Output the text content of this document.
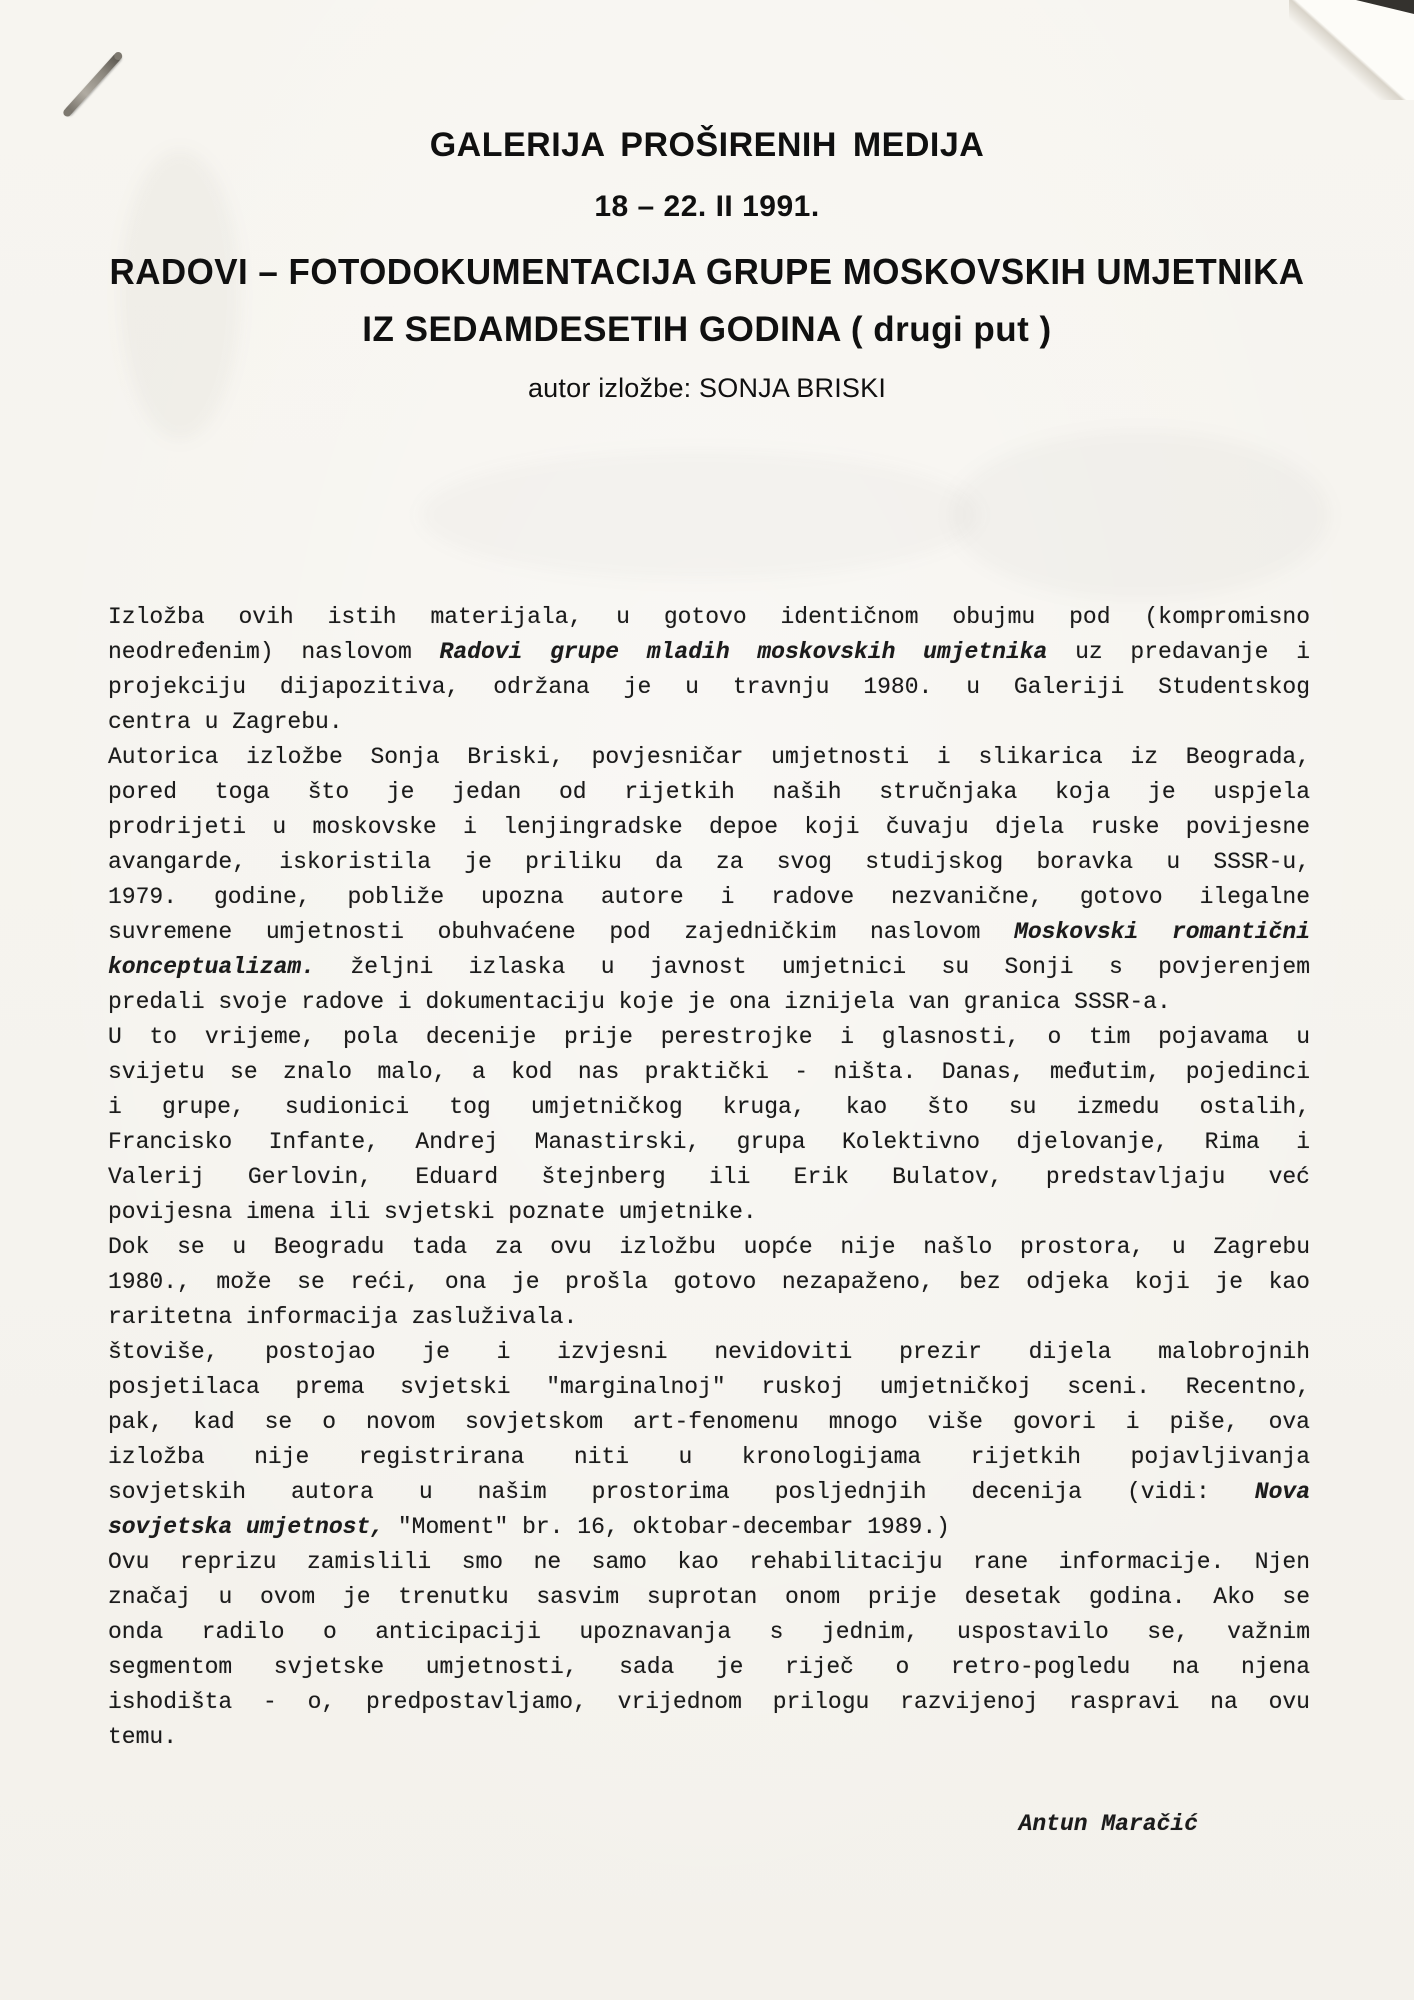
GALERIJA PROŠIRENIH MEDIJA
18 – 22. II 1991.
RADOVI – FOTODOKUMENTACIJA GRUPE MOSKOVSKIH UMJETNIKA
IZ SEDAMDESETIH GODINA ( drugi put )
autor izložbe: SONJA BRISKI
Izložba ovih istih materijala, u gotovo identičnom obujmu pod (kompromisno
neodređenim) naslovom Radovi grupe mladih moskovskih umjetnika uz predavanje i
projekciju dijapozitiva, održana je u travnju 1980. u Galeriji Studentskog
centra u Zagrebu.
Autorica izložbe Sonja Briski, povjesničar umjetnosti i slikarica iz Beograda,
pored toga što je jedan od rijetkih naših stručnjaka koja je uspjela
prodrijeti u moskovske i lenjingradske depoe koji čuvaju djela ruske povijesne
avangarde, iskoristila je priliku da za svog studijskog boravka u SSSR-u,
1979. godine, pobliže upozna autore i radove nezvanične, gotovo ilegalne
suvremene umjetnosti obuhvaćene pod zajedničkim naslovom Moskovski romantični
konceptualizam. željni izlaska u javnost umjetnici su Sonji s povjerenjem
predali svoje radove i dokumentaciju koje je ona iznijela van granica SSSR-a.
U to vrijeme, pola decenije prije perestrojke i glasnosti, o tim pojavama u
svijetu se znalo malo, a kod nas praktički - ništa. Danas, međutim, pojedinci
i grupe, sudionici tog umjetničkog kruga, kao što su izmedu ostalih,
Francisko Infante, Andrej Manastirski, grupa Kolektivno djelovanje, Rima i
Valerij Gerlovin, Eduard štejnberg ili Erik Bulatov, predstavljaju već
povijesna imena ili svjetski poznate umjetnike.
Dok se u Beogradu tada za ovu izložbu uopće nije našlo prostora, u Zagrebu
1980., može se reći, ona je prošla gotovo nezapaženo, bez odjeka koji je kao
raritetna informacija zasluživala.
štoviše, postojao je i izvjesni nevidoviti prezir dijela malobrojnih
posjetilaca prema svjetski "marginalnoj" ruskoj umjetničkoj sceni. Recentno,
pak, kad se o novom sovjetskom art-fenomenu mnogo više govori i piše, ova
izložba nije registrirana niti u kronologijama rijetkih pojavljivanja
sovjetskih autora u našim prostorima posljednjih decenija (vidi: Nova
sovjetska umjetnost, "Moment" br. 16, oktobar-decembar 1989.)
Ovu reprizu zamislili smo ne samo kao rehabilitaciju rane informacije. Njen
značaj u ovom je trenutku sasvim suprotan onom prije desetak godina. Ako se
onda radilo o anticipaciji upoznavanja s jednim, uspostavilo se, važnim
segmentom svjetske umjetnosti, sada je riječ o retro-pogledu na njena
ishodišta - o, predpostavljamo, vrijednom prilogu razvijenoj raspravi na ovu
temu.
Antun Maračić
